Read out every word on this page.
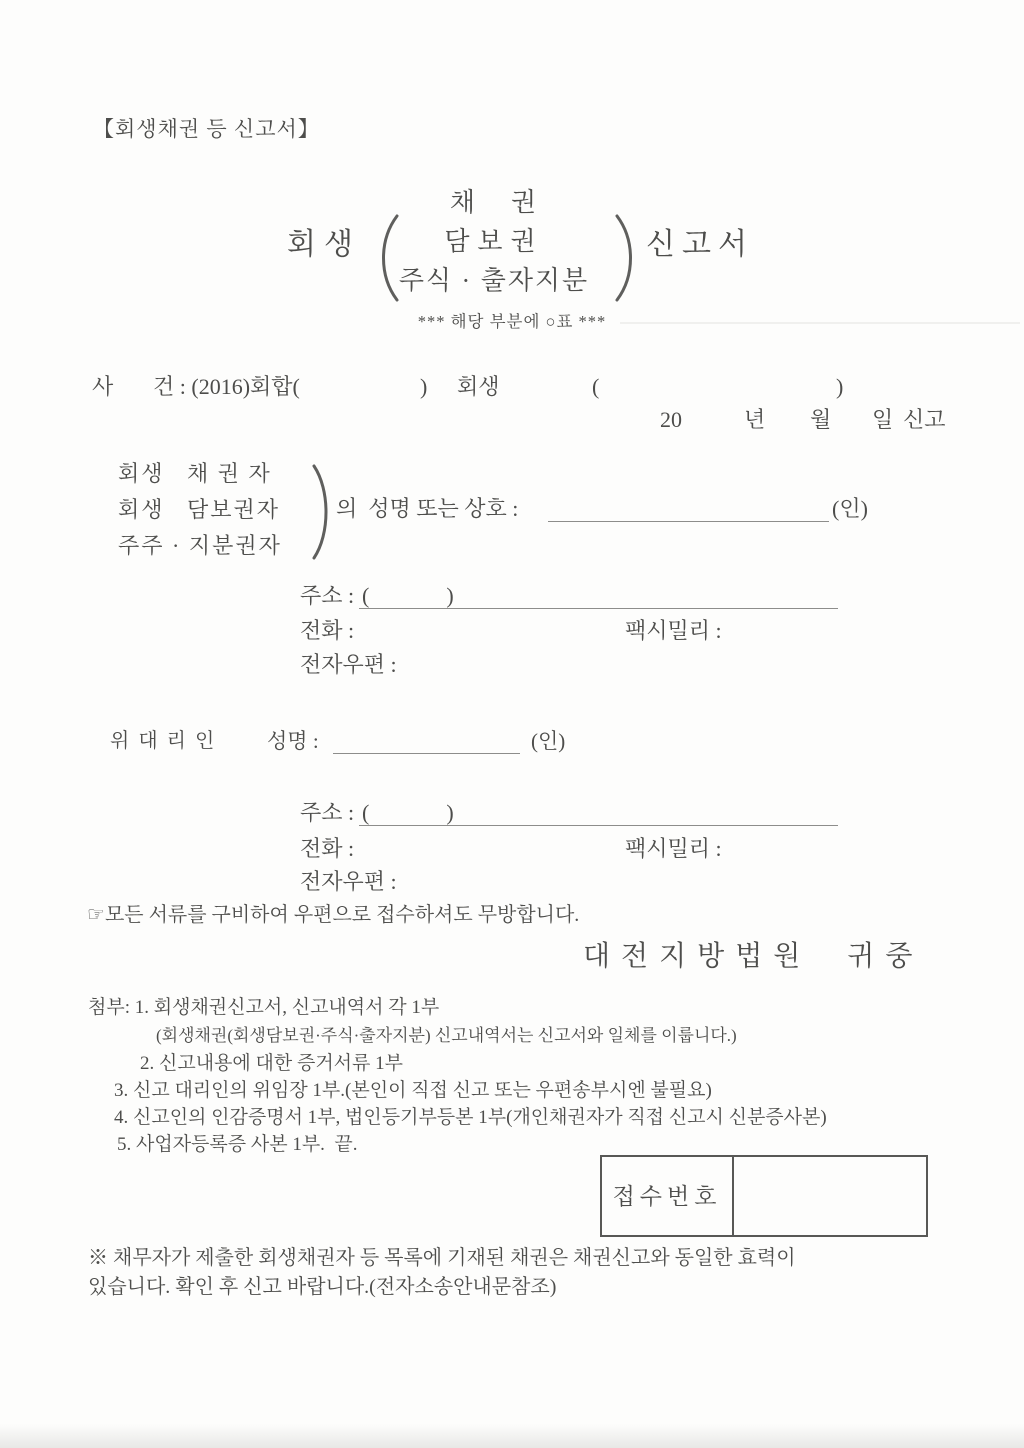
【회생채권 등 신고서】
회생
채    권
담보권
주식 · 출자지분
신고서
*** 해당 부분에 ○표 ***
사 건 : (2016)회합(	) 회생	(	)
20	년 월 일 신고
회생   채 권 자
회생   담보권자
주주 · 지분권자
의  성명 또는 상호 :	(인)
주소 : (              )
전화 :	팩시밀리 :
전자우편 :
위 대 리 인 성명 :	(인)
주소 : (              )
전화 :	팩시밀리 :
전자우편 :
☞모든 서류를 구비하여 우편으로 접수하셔도 무방합니다.
대전지방법원  귀중
첨부: 1. 회생채권신고서, 신고내역서 각 1부
(회생채권(회생담보권·주식·출자지분) 신고내역서는 신고서와 일체를 이룹니다.)
2. 신고내용에 대한 증거서류 1부
3. 신고 대리인의 위임장 1부.(본인이 직접 신고 또는 우편송부시엔 불필요)
4. 신고인의 인감증명서 1부, 법인등기부등본 1부(개인채권자가 직접 신고시 신분증사본)
5. 사업자등록증 사본 1부.  끝.
접수번호
※ 채무자가 제출한 회생채권자 등 목록에 기재된 채권은 채권신고와 동일한 효력이
있습니다. 확인 후 신고 바랍니다.(전자소송안내문참조)
